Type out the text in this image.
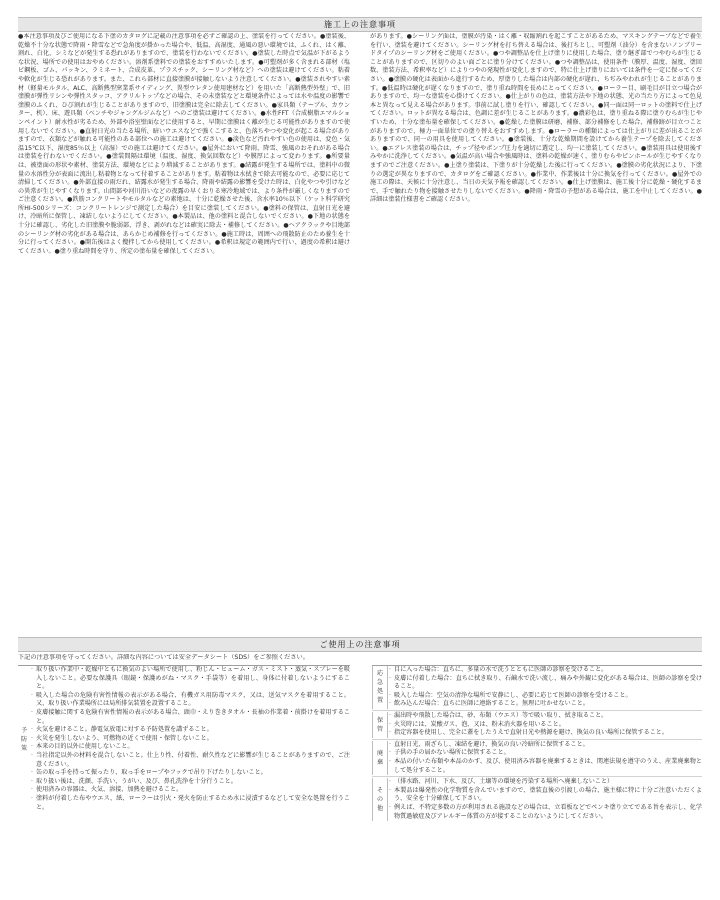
施工上の注意事項

●本注意事項及びご使用になる下塗のカタログに記載の注意事項を必ずご確認の上、塗装を行ってください。●塗装後、乾燥不十分な状態で降雨・降雪などで急角度が掛かった場合や、低温、高湿度、通風の悪い環境では、ふくれ、はく離、割れ、白化、シミなどが発生する恐れがありますので、塗装を行わないでください。●塗装した時点で気温が下がるような状況、場所での使用はおやめください。溶剤系塗料での塗装をおすすめいたします。●可塑剤が多く含まれる部材（塩ビ鋼板、ゴム、パッキン、ラミネート、合成皮革、プラスチック、シーリング材など）への塗装は避けてください。粘着や軟化が生じる恐れがあります。また、これら部材に直接塗膜が接触しないよう注意してください。●塗装されやすい素材（軽量モルタル、ALC、高断熱型窯業系サイディング、異型ウレタン使用建材など）を用いた「高断熱型外壁」で、旧塗膜が弾性リシンや弾性スタッコ、アクリルトップなどの場合、その未塗装などと環境条件によっては水や温度の影響で塗膜のふくれ、ひび割れが生じることがありますので、旧塗膜は完全に除去してください。●家具類（テーブル、カウンター、机）、床、遊具類（ベンチやジャングルジムなど）へのご塗装は避けてください。●水性FFT（合成樹脂エマルションペイント）耐水性が劣るため、外部や浴室壁面などに使用すると、早期に塗膜はく離が生じる可能性がありますので使用しないでください。●直射日光の当たる場所、暗いウエスなどで強くこすると、色落ちやつや変化が起こる場合がありますので、衣類などが触れる可能性のある部位への施工は避けてください。●淡色など汚れやすい色の使用は、変色・気温15℃以下、湿度85％以上（高湿）での施工は避けてください。●屋外において降雨、降雪、強風のおそれがある場合は塗装を行わないでください。●塗装間隔は環境（温度、湿度、換気回数など）や膜厚によって変わります。●所要量は、被塗面の形状や素材、塗装方法、環境などにより増減することがあります。●結露が発生する場所では、塗料中の微量の水溶性分が表面に流出し粘着物となって付着することがあります。粘着物は水拭きで除去可能なので、必要に応じて清掃してください。●外部直接の雨だれ、結露水が発生する場合、降雨や結露の影響を受けた時は、白化やつや引けなどの異常が生じやすくなります。山間部や河川沿いなどの夜露の早くおりる寒冷地域では、より条件が厳しくなりますのでご注意ください。●鉄筋コンクリートやモルタルなどの素地は、十分に乾燥させた後、含水率10％以下（ケット科学研究所HI-500シリーズ：コンクリートレンジで測定した場合）を目安に塗装してください。●塗料の保管は、直射日光を避け、冷暗所に保管し、凍結しないようにしてください。●本製品は、他の塗料と混合しないでください。●下地の状態を十分に確認し、劣化した旧塗膜や脆弱部、浮き、剥がれなどは確実に除去・補修してください。●ヘアクラックや目地部のシーリング材の劣化がある場合は、あらかじめ補修を行ってください。●施工時は、周囲への飛散防止のため養生を十分に行ってください。●開缶後はよく攪拌してから使用してください。●希釈は規定の範囲内で行い、過度の希釈は避けてください。●塗り重ね時間を守り、所定の塗布量を確保してください。

があります。●シーリング面は、塗膜が汚染・はく離・収縮割れを起こすことがあるため、マスキングテープなどで養生を行い、塗装を避けてください。シーリング材を打ち替える場合は、後打ちとし、可塑剤（油分）を含まないノンブリードタイプのシーリング材をご使用ください。●つや調整品を仕上げ塗りに使用した場合、塗り継ぎ部でつやむらが生じることがありますので、区切りのよい面ごとに塗り分けてください。●つや調整品は、使用条件（膜厚、温度、湿度、塗回数、塗装方法、希釈率など）によりつやの発現性が変化しますので、特に仕上げ塗りにおいては条件を一定に保ってください。●塗膜の硬化は表面から進行するため、厚塗りした場合は内部の硬化が遅れ、ちぢみやわれが生じることがあります。●低温時は硬化が遅くなりますので、塗り重ね時間を長めにとってください。●ローラー目、刷毛目が目立つ場合がありますので、均一な塗装を心掛けてください。●仕上がりの色は、塗装方法や下地の状態、光の当たり方によって色見本と異なって見える場合があります。事前に試し塗りを行い、確認してください。●同一面は同一ロットの塗料で仕上げてください。ロットが異なる場合は、色調に差が生じることがあります。●濃彩色は、塗り重ねる際に塗りむらが生じやすいため、十分な塗布量を確保してください。●乾燥した塗膜は研磨、補修、部分補修をした場合、補修跡が目立つことがありますので、極力一面単位での塗り替えをおすすめします。●ローラーの種類によっては仕上がりに差が出ることがありますので、同一の用具を使用してください。●塗装後、十分な乾燥期間を設けてから養生テープを除去してください。●エアレス塗装の場合は、チップ径やポンプ圧力を適切に選定し、均一に塗装してください。●塗装用具は使用後すみやかに洗浄してください。●気温が高い場合や強風時は、塗料の乾燥が速く、塗りむらやピンホールが生じやすくなりますのでご注意ください。●上塗り塗装は、下塗りが十分乾燥した後に行ってください。●塗膜の劣化状況により、下塗りの選定が異なりますので、カタログをご確認ください。●作業中、作業後は十分に換気を行ってください。●屋外での施工の際は、天候に十分注意し、当日の天気予報を確認してください。●仕上げ塗膜は、施工後十分に乾燥・硬化するまで、手で触れたり物を接触させたりしないでください。●降雨・降雪の予想がある場合は、施工を中止してください。●詳細は塗装仕様書をご確認ください。

ご使用上の注意事項
下記の注意事項を守ってください。詳細な内容については安全データシート（SDS）をご参照ください。
予防策
· 取り扱い作業中・乾燥中ともに換気のよい場所で使用し、粉じん・ヒューム・ガス・ミスト・蒸気・スプレーを吸入しないこと。必要な保護具（眼鏡・保護めがね・マスク・手袋等）を着用し、身体に付着しないようにすること。
· 吸入した場合の危険有害性情報の表示がある場合、有機ガス用防毒マスク、又は、送気マスクを着用すること。又、取り扱い作業場所には局所排気装置を設置すること。
· 皮膚接触に関する危険有害性情報の表示がある場合、頭巾・えり巻きタオル・長袖の作業着・前掛けを着用すること。
· 火気を避けること。静電気放電に対する予防処置を講ずること。
· 火災を発生しないよう、可燃物の近くで使用・保管しないこと。
· 本来の目的以外に使用しないこと。
· 当社指定以外の材料を混合しないこと。仕上り性、付着性、耐久性などに影響が生じることがありますので、ご注意ください。
· 缶の取っ手を持って振ったり、取っ手をロープやフックで吊り下げたりしないこと。
· 取り扱い後は、洗顔、手洗い、うがい、及び、鼻孔洗浄を十分行うこと。
· 使用済みの容器は、火気、溶接、加熱を避けること。
· 塗料が付着した布やウエス、紙、ローラーは引火・発火を防止するため水に浸漬するなどして安全な処置を行うこと。
応急処置
· 目に入った場合：直ちに、多量の水で洗うとともに医師の診察を受けること。
· 皮膚に付着した場合：直ちに拭き取り、石鹸水で洗い流し、痛みや外観に変化がある場合は、医師の診察を受けること。
· 吸入した場合：空気の清浄な場所で安静にし、必要に応じて医師の診察を受けること。
· 飲み込んだ場合：直ちに医師に連絡すること。無理に吐かせないこと。
保管
· 漏出時や飛散した場合は、砂、布類（ウエス）等で吸い取り、拭き取ること。
· 火災時には、炭酸ガス、泡、又は、粉末消火器を用いること。
· 指定容器を使用し、完全に蓋をしたうえで直射日光や熱源を避け、換気の良い場所に保管すること。
廃棄
· 直射日光、雨ざらし、凍結を避け、換気の良い冷暗所に保管すること。
· 子供の手の届かない場所に保管すること。
· 本品の付いた布類や本品のかす、及び、使用済み容器を廃棄するときは、関連法規を遵守のうえ、産業廃棄物として処分すること。
その他
· （排水路、河川、下水、及び、土壌等の環境を汚染する場所へ廃棄しないこと）
· 本製品は爆発性の化学物質を含んでいますので、塗装直後の引渡しの場合、施主様に特に十分ご注意いただくよう、安全を十分確保して下さい。
· 例えば、不特定多数の方が利用される施設などの場合は、立看板などでペンキ塗り立てである旨を表示し、化学物質過敏症及びアレルギー体質の方が接することのないようにしてください。
